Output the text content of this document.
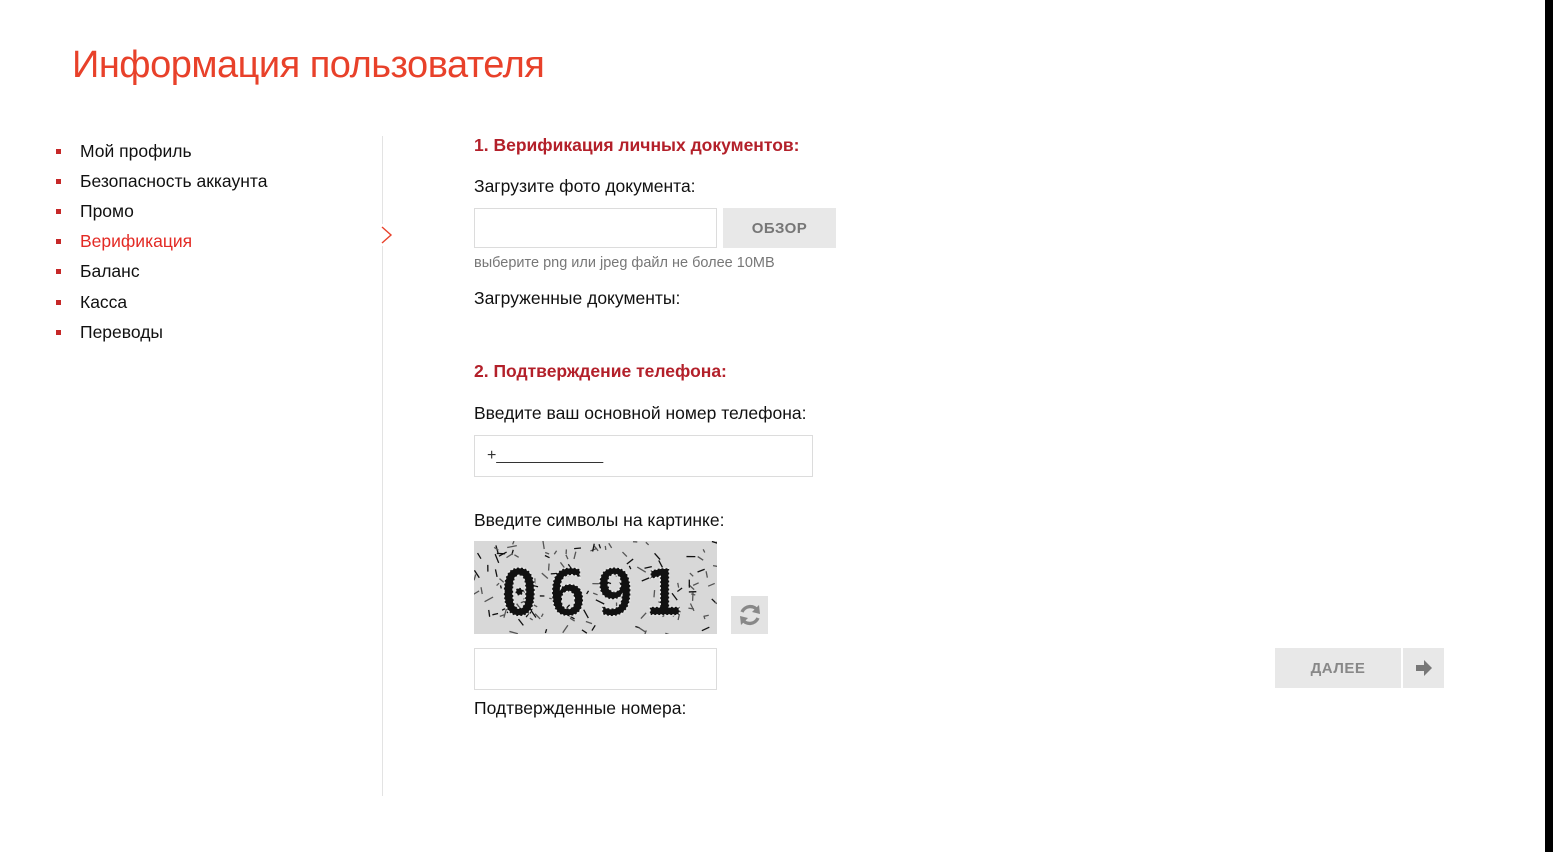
Информация пользователя
Мой профиль
Безопасность аккаунта
Промо
Верификация
Баланс
Касса
Переводы
1. Верификация личных документов:
Загрузите фото документа:
ОБЗОР
выберите png или jpeg файл не более 10MB
Загруженные документы:
2. Подтверждение телефона:
Введите ваш основной номер телефона:
+____________
Введите символы на картинке:
0 6 9 1
Подтвержденные номера:
ДАЛЕЕ
